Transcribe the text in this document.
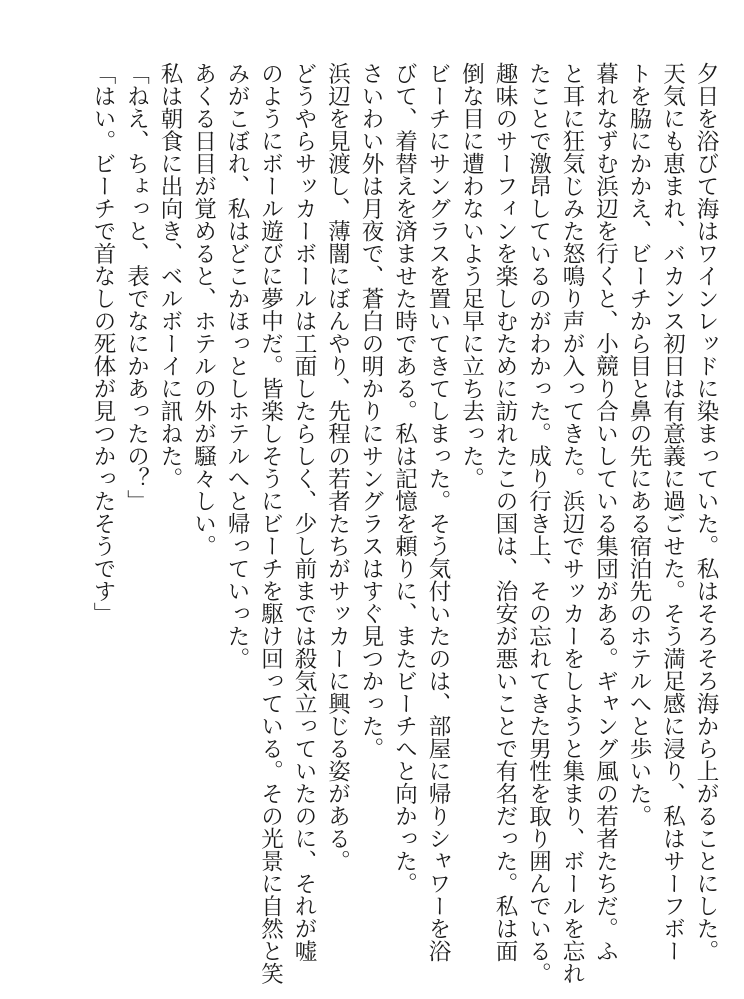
夕日を浴びて海はワインレッドに染まっていた。私はそろそろ海から上がることにした。
天気にも恵まれ、バカンス初日は有意義に過ごせた。そう満足感に浸り、私はサーフボー
トを脇にかかえ、ビーチから目と鼻の先にある宿泊先のホテルへと歩いた。
暮れなずむ浜辺を行くと、小競り合いしている集団がある。ギャング風の若者たちだ。ふ
と耳に狂気じみた怒鳴り声が入ってきた。浜辺でサッカーをしようと集まり、ボールを忘れ
たことで激昂しているのがわかった。成り行き上、その忘れてきた男性を取り囲んでいる。
趣味のサーフィンを楽しむために訪れたこの国は、治安が悪いことで有名だった。私は面
倒な目に遭わないよう足早に立ち去った。
ビーチにサングラスを置いてきてしまった。そう気付いたのは、部屋に帰りシャワーを浴
びて、着替えを済ませた時である。私は記憶を頼りに、またビーチへと向かった。
さいわい外は月夜で、蒼白の明かりにサングラスはすぐ見つかった。
浜辺を見渡し、薄闇にぼんやり、先程の若者たちがサッカーに興じる姿がある。
どうやらサッカーボールは工面したらしく、少し前までは殺気立っていたのに、それが嘘
のようにボール遊びに夢中だ。皆楽しそうにビーチを駆け回っている。その光景に自然と笑
みがこぼれ、私はどこかほっとしホテルへと帰っていった。
あくる日目が覚めると、ホテルの外が騒々しい。
私は朝食に出向き、ベルボーイに訊ねた。
「ねえ、ちょっと、表でなにかあったの？」
「はい。ビーチで首なしの死体が見つかったそうです」
